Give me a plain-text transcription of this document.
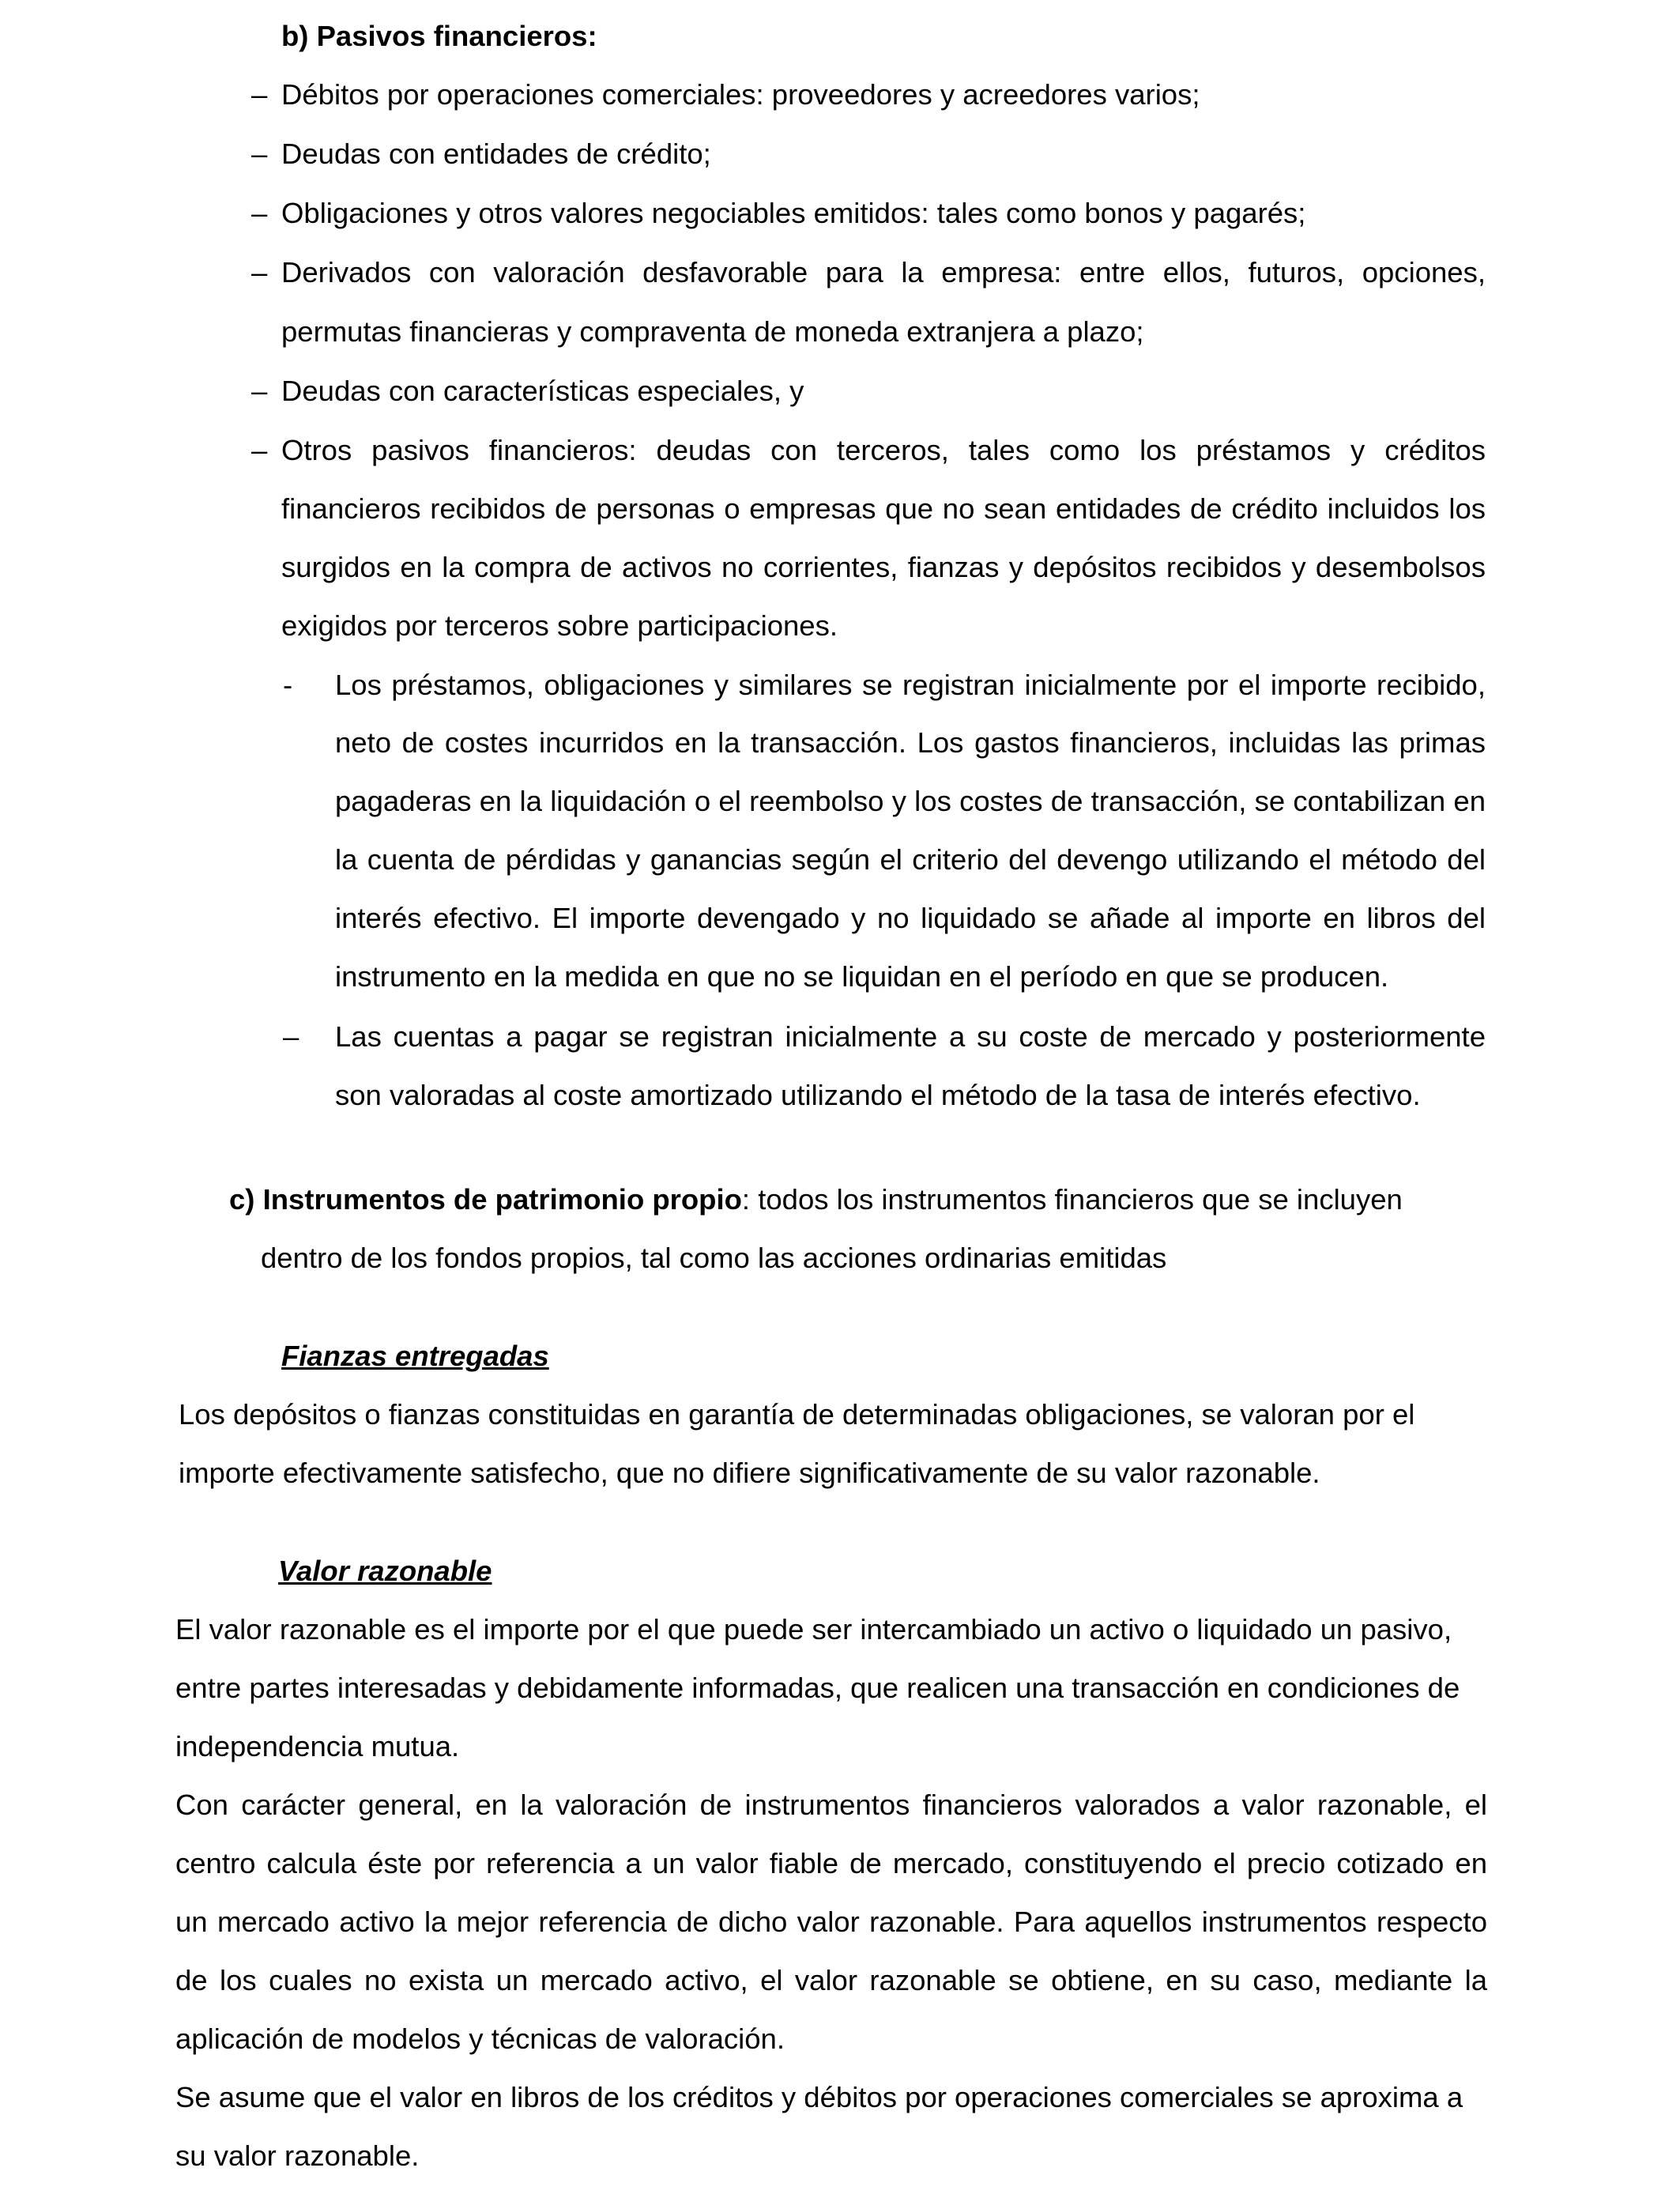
b) Pasivos financieros:
– Débitos por operaciones comerciales: proveedores y acreedores varios;
– Deudas con entidades de crédito;
– Obligaciones y otros valores negociables emitidos: tales como bonos y pagarés;
– Derivados con valoración desfavorable para la empresa: entre ellos, futuros, opciones,
permutas financieras y compraventa de moneda extranjera a plazo;
– Deudas con características especiales, y
– Otros pasivos financieros: deudas con terceros, tales como los préstamos y créditos
financieros recibidos de personas o empresas que no sean entidades de crédito incluidos los
surgidos en la compra de activos no corrientes, fianzas y depósitos recibidos y desembolsos
exigidos por terceros sobre participaciones.
- Los préstamos, obligaciones y similares se registran inicialmente por el importe recibido,
neto de costes incurridos en la transacción. Los gastos financieros, incluidas las primas
pagaderas en la liquidación o el reembolso y los costes de transacción, se contabilizan en
la cuenta de pérdidas y ganancias según el criterio del devengo utilizando el método del
interés efectivo. El importe devengado y no liquidado se añade al importe en libros del
instrumento en la medida en que no se liquidan en el período en que se producen.
– Las cuentas a pagar se registran inicialmente a su coste de mercado y posteriormente
son valoradas al coste amortizado utilizando el método de la tasa de interés efectivo.
c) Instrumentos de patrimonio propio: todos los instrumentos financieros que se incluyen
dentro de los fondos propios, tal como las acciones ordinarias emitidas
Fianzas entregadas
Los depósitos o fianzas constituidas en garantía de determinadas obligaciones, se valoran por el
importe efectivamente satisfecho, que no difiere significativamente de su valor razonable.
Valor razonable
El valor razonable es el importe por el que puede ser intercambiado un activo o liquidado un pasivo,
entre partes interesadas y debidamente informadas, que realicen una transacción en condiciones de
independencia mutua.
Con carácter general, en la valoración de instrumentos financieros valorados a valor razonable, el
centro calcula éste por referencia a un valor fiable de mercado, constituyendo el precio cotizado en
un mercado activo la mejor referencia de dicho valor razonable. Para aquellos instrumentos respecto
de los cuales no exista un mercado activo, el valor razonable se obtiene, en su caso, mediante la
aplicación de modelos y técnicas de valoración.
Se asume que el valor en libros de los créditos y débitos por operaciones comerciales se aproxima a
su valor razonable.
